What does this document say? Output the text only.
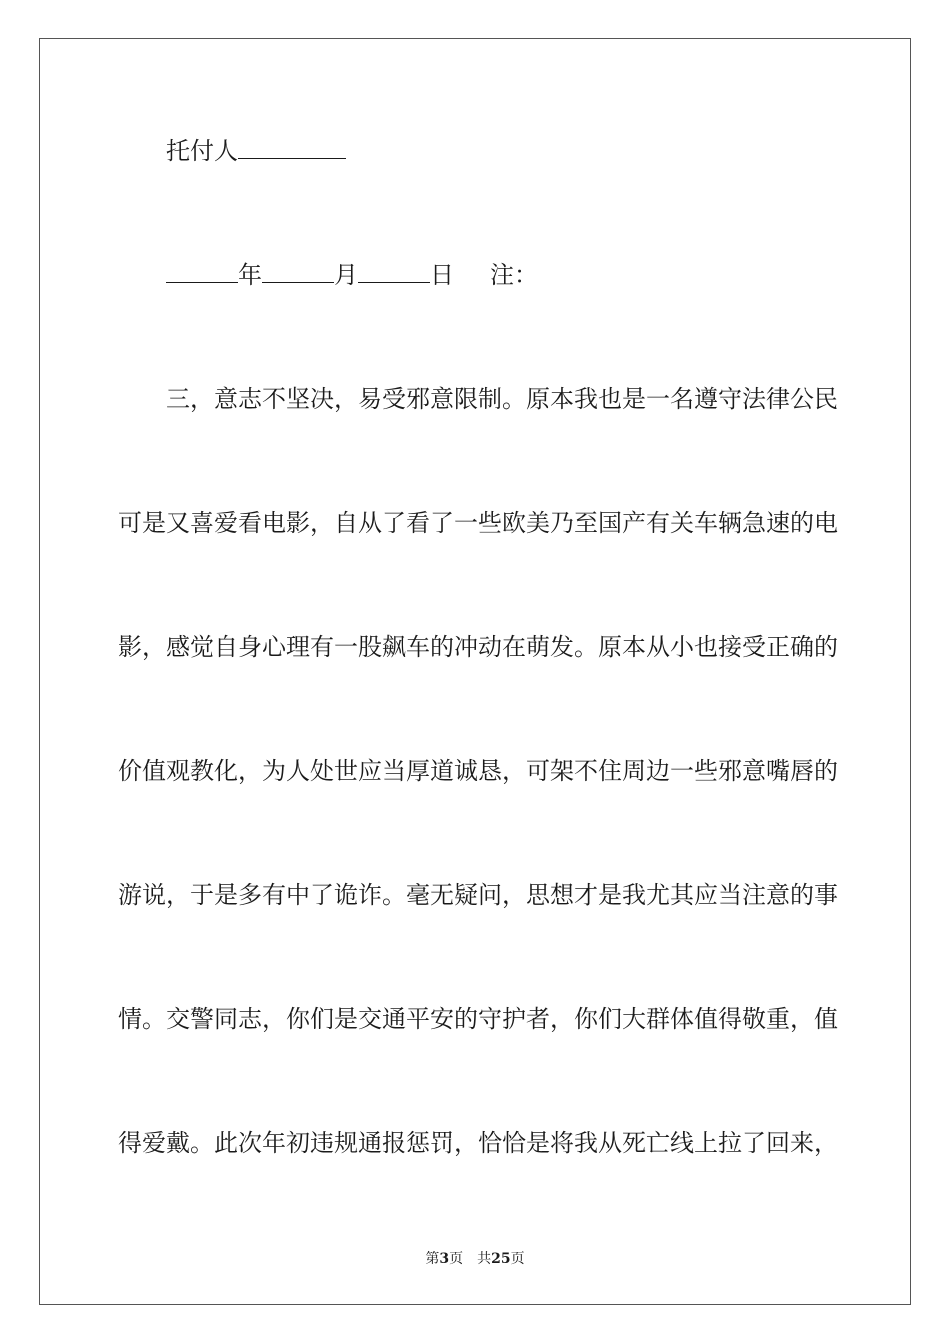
托付人
年	月	日 注：
三，意志不坚决，易受邪意限制。原本我也是一名遵守法律公民
可是又喜爱看电影，自从了看了一些欧美乃至国产有关车辆急速的电
影，感觉自身心理有一股飙车的冲动在萌发。原本从小也接受正确的
价值观教化，为人处世应当厚道诚恳，可架不住周边一些邪意嘴唇的
游说，于是多有中了诡诈。毫无疑问，思想才是我尤其应当注意的事
情。交警同志，你们是交通平安的守护者，你们大群体值得敬重，值
得爱戴。此次年初违规通报惩罚，恰恰是将我从死亡线上拉了回来，
第3页 共25页
